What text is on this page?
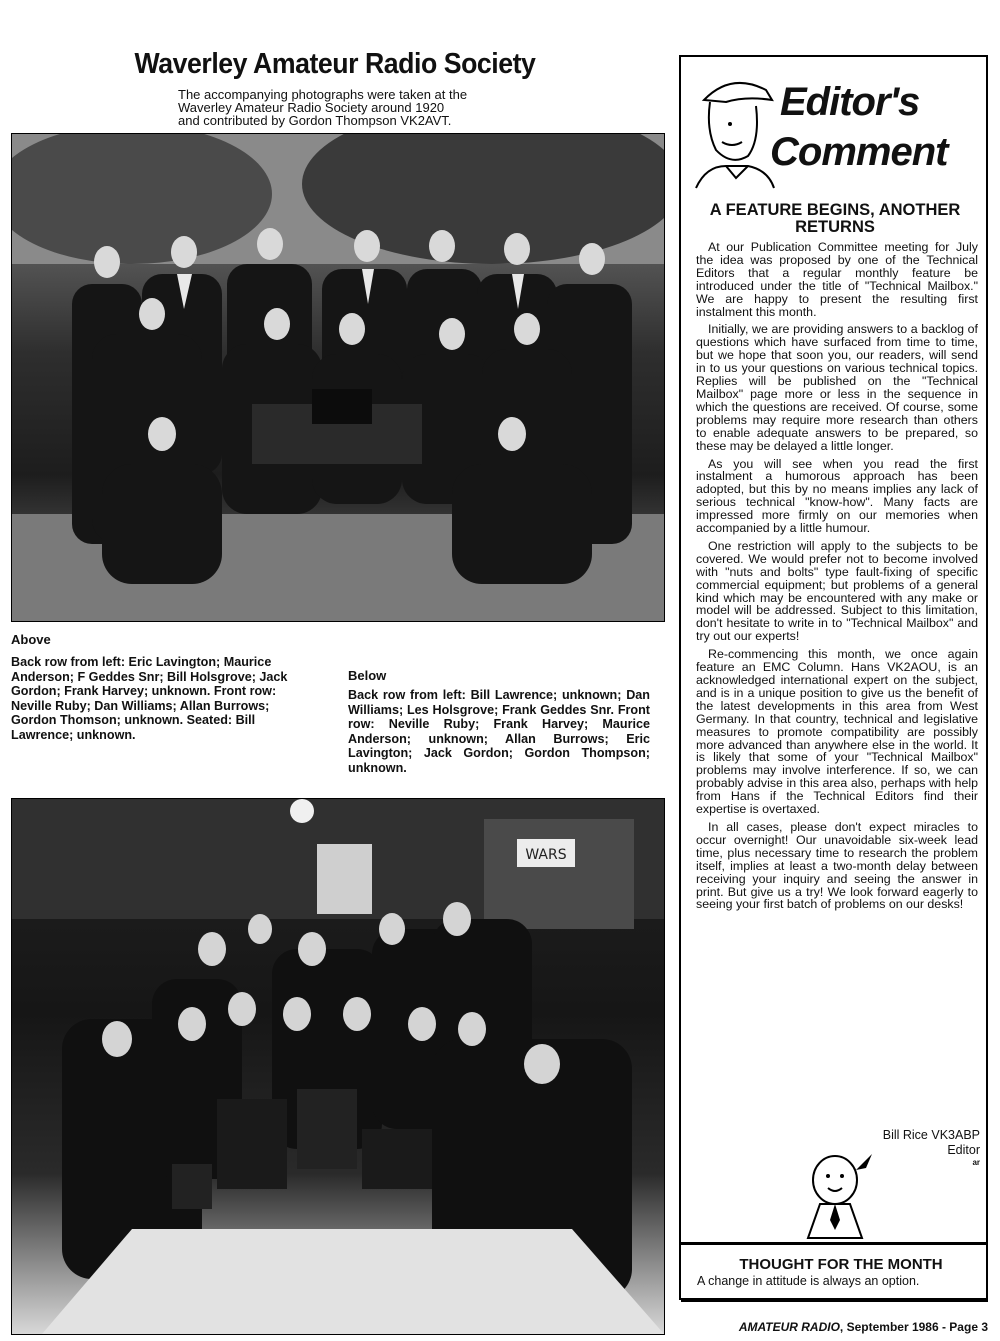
Waverley Amateur Radio Society
The accompanying photographs were taken at the
Waverley Amateur Radio Society around 1920
and contributed by Gordon Thompson VK2AVT.
Above
Back row from left: Eric Lavington; Maurice Anderson; F Geddes Snr; Bill Holsgrove; Jack Gordon; Frank Harvey; unknown. Front row: Neville Ruby; Dan Williams; Allan Burrows; Gordon Thomson; unknown. Seated: Bill Lawrence; unknown.
Below
Back row from left: Bill Lawrence; unknown; Dan Williams; Les Holsgrove; Frank Geddes Snr. Front row: Neville Ruby; Frank Harvey; Maurice Anderson; unknown; Allan Burrows; Eric Lavington; Jack Gordon; Gordon Thompson; unknown.
WARS
Editor's
Comment
A FEATURE BEGINS, ANOTHER RETURNS

At our Publication Committee meeting for July the idea was proposed by one of the Technical Editors that a regular monthly feature be introduced under the title of "Technical Mailbox." We are happy to present the resulting first instalment this month.

Initially, we are providing answers to a backlog of questions which have surfaced from time to time, but we hope that soon you, our readers, will send in to us your questions on various technical topics. Replies will be published on the "Technical Mailbox" page more or less in the sequence in which the questions are received. Of course, some problems may require more research than others to enable adequate answers to be prepared, so these may be delayed a little longer.

As you will see when you read the first instalment a humorous approach has been adopted, but this by no means implies any lack of serious technical "know-how". Many facts are impressed more firmly on our memories when accompanied by a little humour.

One restriction will apply to the subjects to be covered. We would prefer not to become involved with "nuts and bolts" type fault-fixing of specific commercial equipment; but problems of a general kind which may be encountered with any make or model will be addressed. Subject to this limitation, don't hesitate to write in to "Technical Mailbox" and try out our experts!

Re-commencing this month, we once again feature an EMC Column. Hans VK2AOU, is an acknowledged international expert on the subject, and is in a unique position to give us the benefit of the latest developments in this area from West Germany. In that country, technical and legislative measures to promote compatibility are possibly more advanced than anywhere else in the world. It is likely that some of your "Technical Mailbox" problems may involve interference. If so, we can probably advise in this area also, perhaps with help from Hans if the Technical Editors find their expertise is overtaxed.

In all cases, please don't expect miracles to occur overnight! Our unavoidable six-week lead time, plus necessary time to research the problem itself, implies at least a two-month delay between receiving your inquiry and seeing the answer in print. But give us a try! We look forward eagerly to seeing your first batch of problems on our desks!

Bill Rice VK3ABP
Editor
ar
THOUGHT FOR THE MONTH
A change in attitude is always an option.
AMATEUR RADIO, September 1986 - Page 3
